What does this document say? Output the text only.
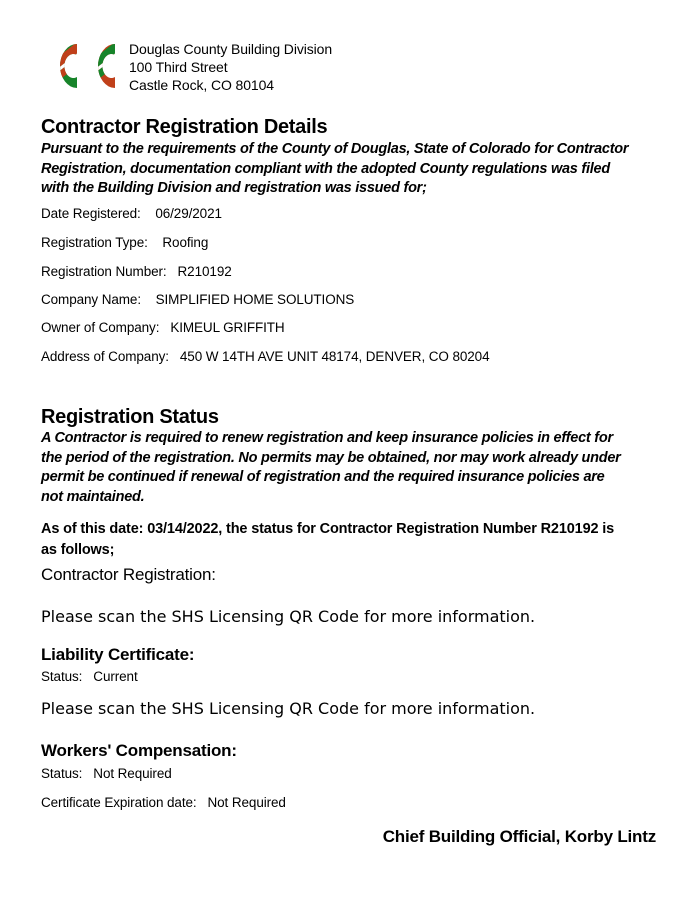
Douglas County Building Division
100 Third Street
Castle Rock, CO 80104
Contractor Registration Details
Pursuant to the requirements of the County of Douglas, State of Colorado for Contractor
Registration, documentation compliant with the adopted County regulations was filed
with the Building Division and registration was issued for;
Date Registered: 06/29/2021
Registration Type: Roofing
Registration Number: R210192
Company Name: SIMPLIFIED HOME SOLUTIONS
Owner of Company: KIMEUL GRIFFITH
Address of Company: 450 W 14TH AVE UNIT 48174, DENVER, CO 80204
Registration Status
A Contractor is required to renew registration and keep insurance policies in effect for
the period of the registration. No permits may be obtained, nor may work already under
permit be continued if renewal of registration and the required insurance policies are
not maintained.
As of this date: 03/14/2022, the status for Contractor Registration Number R210192 is
as follows;
Contractor Registration:
Please scan the SHS Licensing QR Code for more information.
Liability Certificate:
Status: Current
Please scan the SHS Licensing QR Code for more information.
Workers' Compensation:
Status: Not Required
Certificate Expiration date: Not Required
Chief Building Official, Korby Lintz
